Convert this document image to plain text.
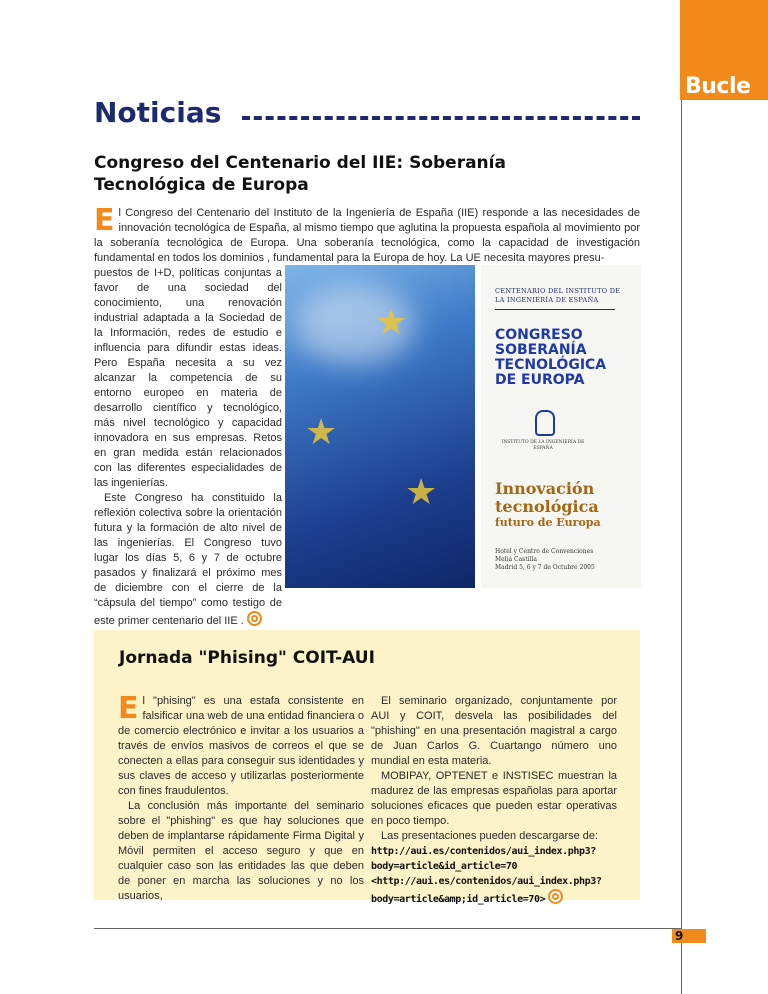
Bucle
Noticias
Congreso del Centenario del IIE: Soberanía Tecnológica de Europa
El Congreso del Centenario del Instituto de la Ingeniería de España (IIE) responde a las necesidades de innovación tecnológica de España, al mismo tiempo que aglutina la propuesta española al movimiento por la soberanía tecnológica de Europa. Una soberanía tecnológica, como la capacidad de investigación fundamental en todos los dominios , fundamental para la Europa de hoy. La UE necesita mayores presu-

puestos de I+D, políticas conjuntas a favor de una sociedad del conocimiento, una renovación industrial adaptada a la Sociedad de la Información, redes de estudio e influencia para difundir estas ideas. Pero España necesita a su vez alcanzar la competencia de su entorno europeo en materia de desarrollo científico y tecnológico, más nivel tecnológico y capacidad innovadora en sus empresas. Retos en gran medida están relacionados con las diferentes especialidades de las ingenierías.

Este Congreso ha constituido la reflexión colectiva sobre la orientación futura y la formación de alto nivel de las ingenierías. El Congreso tuvo lugar los días 5, 6 y 7 de octubre pasados y finalizará el próximo mes de diciembre con el cierre de la “cápsula del tiempo” como testigo de este primer centenario del IIE .

★
★
★
CENTENARIO DEL INSTITUTO DE LA INGENIERÍA DE ESPAÑA
CONGRESO
SOBERANÍA
TECNOLÓGICA
DE EUROPA
INSTITUTO DE LA INGENIERÍA DE ESPAÑA
Innovación
tecnológica
futuro de Europa
Hotel y Centro de Convenciones
Meliá Castilla
Madrid 5, 6 y 7 de Octubre 2005
Jornada "Phising" COIT-AUI

El "phising" es una estafa consistente en falsificar una web de una entidad financiera o de comercio electrónico e invitar a los usuarios a través de envíos masivos de correos el que se conecten a ellas para conseguir sus identidades y sus claves de acceso y utilizarlas posteriormente con fines fraudulentos.

La conclusión más importante del seminario sobre el "phishing" es que hay soluciones que deben de implantarse rápidamente Firma Digital y Móvil permiten el acceso seguro y que en cualquier caso son las entidades las que deben de poner en marcha las soluciones y no los usuarios,

El seminario organizado, conjuntamente por AUI y COIT, desvela las posibilidades del "phishing" en una presentación magistral a cargo de Juan Carlos G. Cuartango número uno mundial en esta materia.

MOBIPAY, OPTENET e INSTISEC muestran la madurez de las empresas españolas para aportar soluciones eficaces que pueden estar operativas en poco tiempo.

Las presentaciones pueden descargarse de:

http://aui.es/contenidos/aui_index.php3?body=article&id_article=70 <http://aui.es/contenidos/aui_index.php3?body=article&amp;id_article=70>

9
